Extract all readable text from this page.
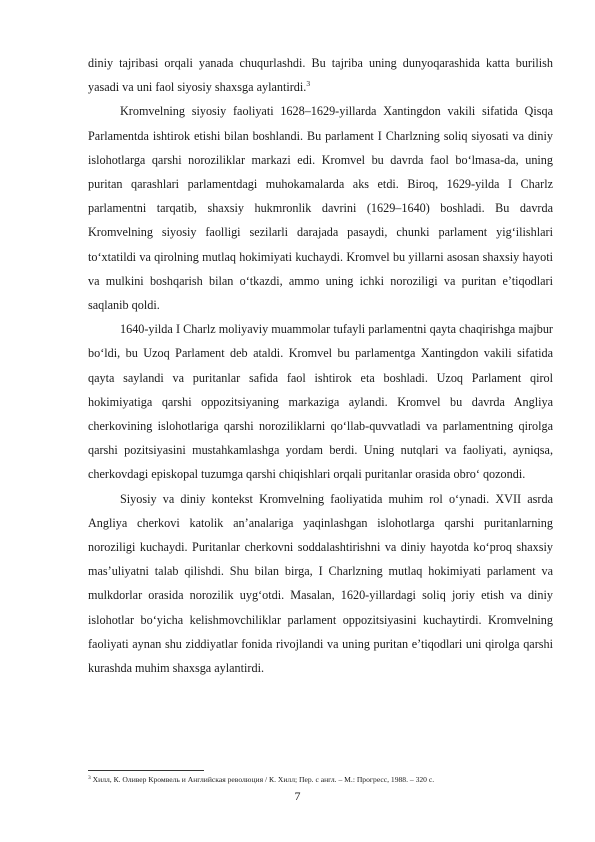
diniy tajribasi orqali yanada chuqurlashdi. Bu tajriba uning dunyoqarashida katta burilish yasadi va uni faol siyosiy shaxsga aylantirdi.$^3$

Kromvelning siyosiy faoliyati 1628–1629-yillarda Xantingdon vakili sifatida Qisqa Parlamentda ishtirok etishi bilan boshlandi. Bu parlament I Charlzning soliq siyosati va diniy islohotlarga qarshi noroziliklar markazi edi. Kromvel bu davrda faol bo‘lmasa-da, uning puritan qarashlari parlamentdagi muhokamalarda aks etdi. Biroq, 1629-yilda I Charlz parlamentni tarqatib, shaxsiy hukmronlik davrini (1629–1640) boshladi. Bu davrda Kromvelning siyosiy faolligi sezilarli darajada pasaydi, chunki parlament yig‘ilishlari to‘xtatildi va qirolning mutlaq hokimiyati kuchaydi. Kromvel bu yillarni asosan shaxsiy hayoti va mulkini boshqarish bilan o‘tkazdi, ammo uning ichki noroziligi va puritan e’tiqodlari saqlanib qoldi.

1640-yilda I Charlz moliyaviy muammolar tufayli parlamentni qayta chaqirishga majbur bo‘ldi, bu Uzoq Parlament deb ataldi. Kromvel bu parlamentga Xantingdon vakili sifatida qayta saylandi va puritanlar safida faol ishtirok eta boshladi. Uzoq Parlament qirol hokimiyatiga qarshi oppozitsiyaning markaziga aylandi. Kromvel bu davrda Angliya cherkovining islohotlariga qarshi noroziliklarni qo‘llab-quvvatladi va parlamentning qirolga qarshi pozitsiyasini mustahkamlashga yordam berdi. Uning nutqlari va faoliyati, ayniqsa, cherkovdagi episkopal tuzumga qarshi chiqishlari orqali puritanlar orasida obro‘ qozondi.

Siyosiy va diniy kontekst Kromvelning faoliyatida muhim rol o‘ynadi. XVII asrda Angliya cherkovi katolik an’analariga yaqinlashgan islohotlarga qarshi puritanlarning noroziligi kuchaydi. Puritanlar cherkovni soddalashtirishni va diniy hayotda ko‘proq shaxsiy mas’uliyatni talab qilishdi. Shu bilan birga, I Charlzning mutlaq hokimiyati parlament va mulkdorlar orasida norozilik uyg‘otdi. Masalan, 1620-yillardagi soliq joriy etish va diniy islohotlar bo‘yicha kelishmovchiliklar parlament oppozitsiyasini kuchaytirdi. Kromvelning faoliyati aynan shu ziddiyatlar fonida rivojlandi va uning puritan e’tiqodlari uni qirolga qarshi kurashda muhim shaxsga aylantirdi.

$^3$ Хилл, К. Оливер Кромвель и Английская революция / К. Хилл; Пер. с англ. – М.: Прогресс, 1988. – 320 с.
7
